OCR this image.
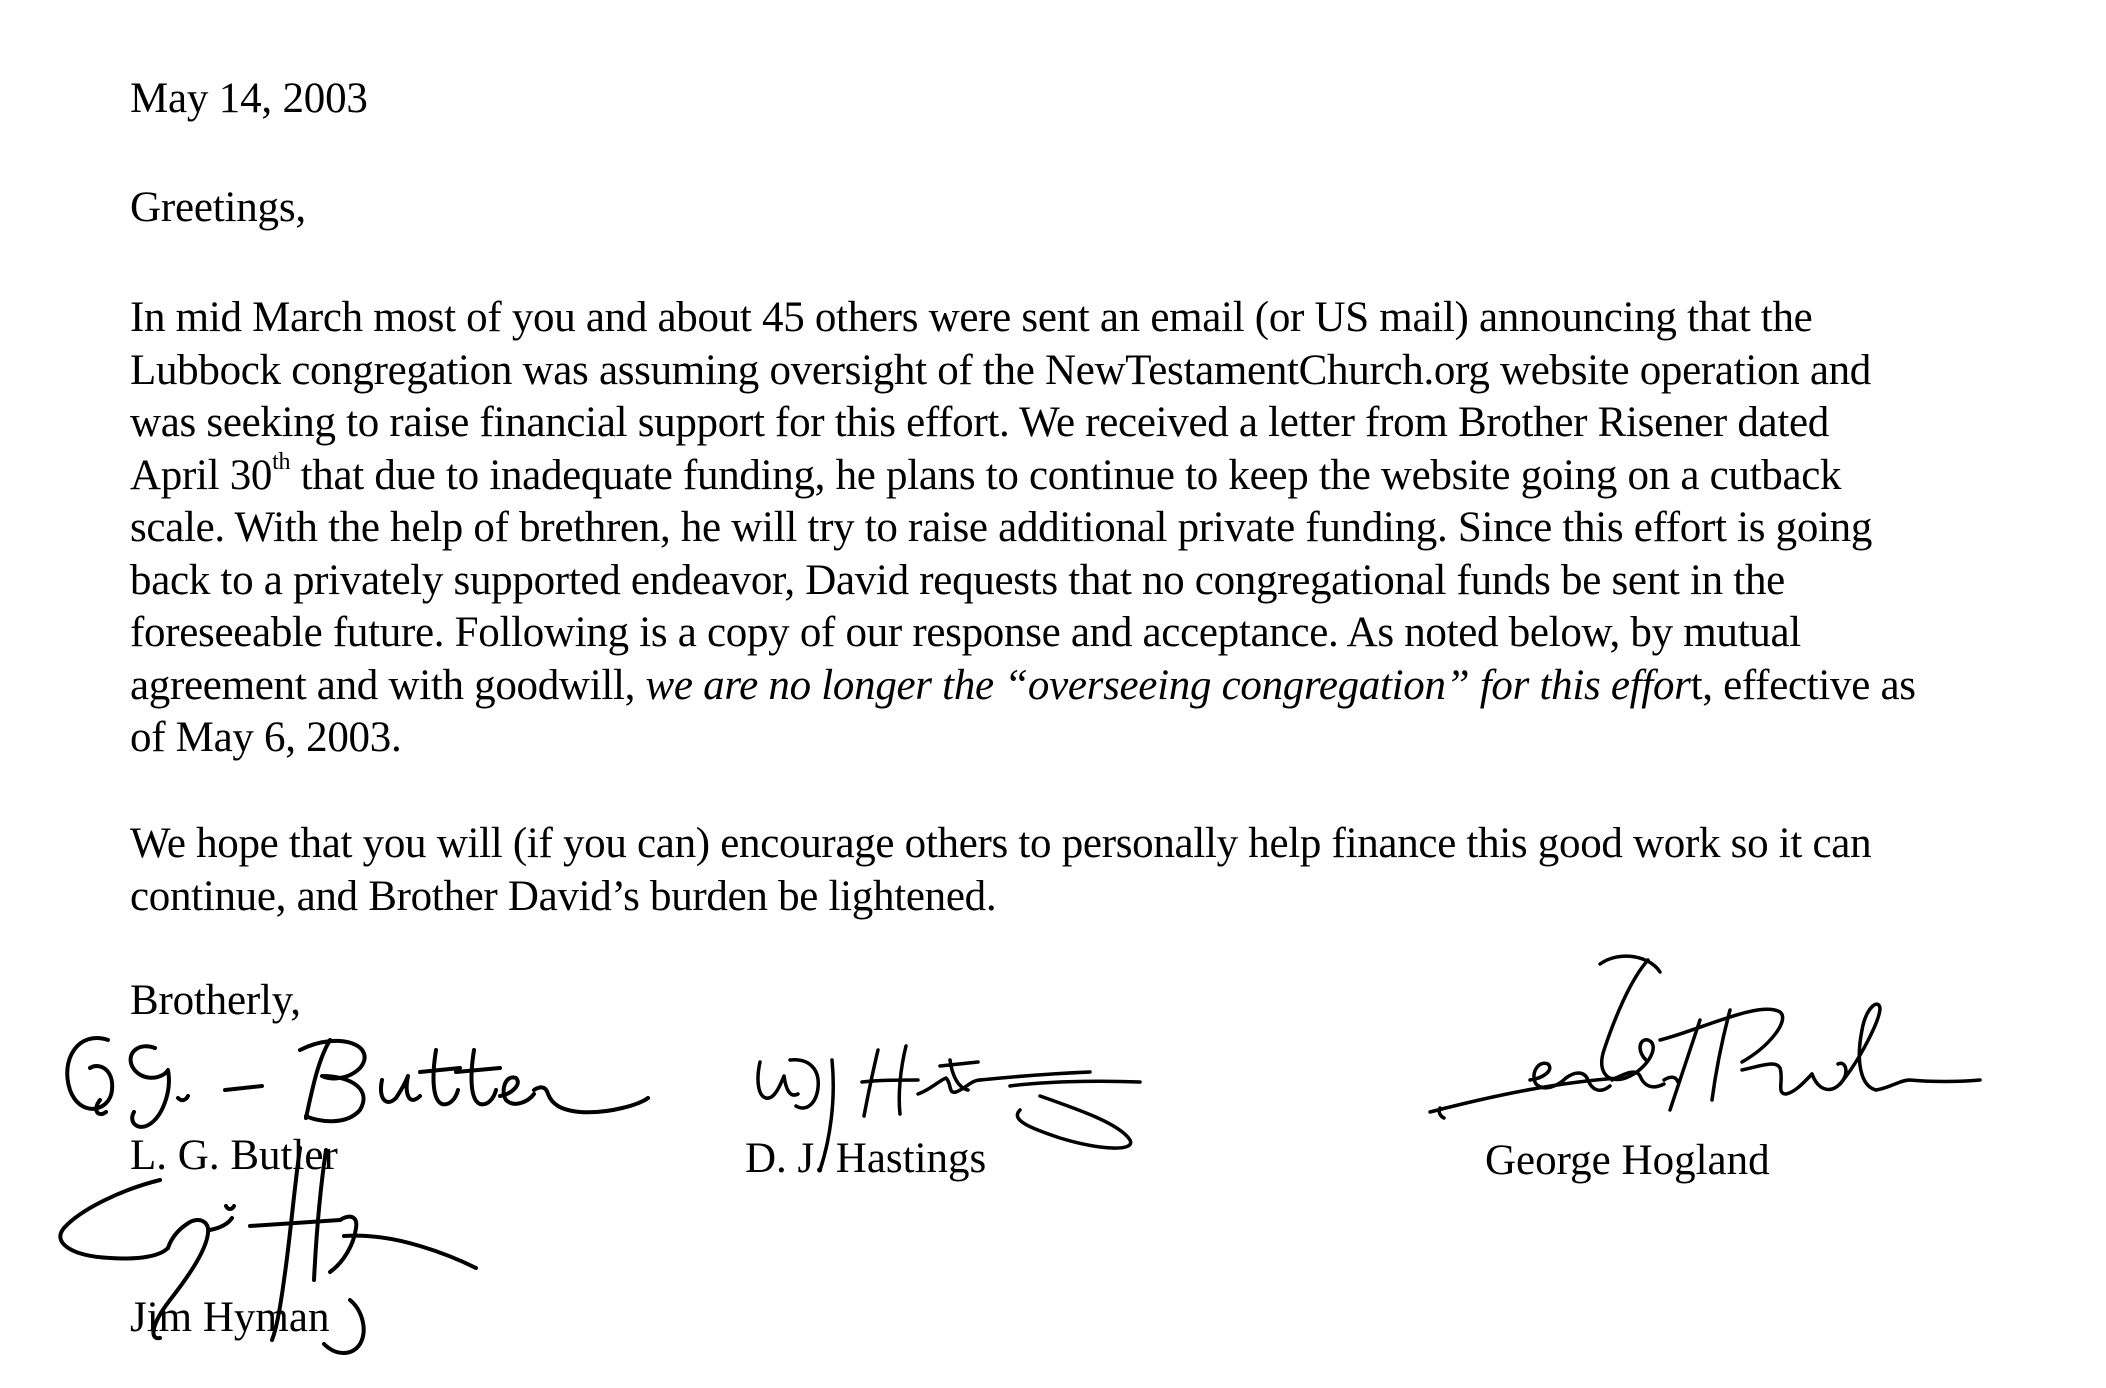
May 14, 2003
Greetings,
In mid March most of you and about 45 others were sent an email (or US mail) announcing that the
Lubbock congregation was assuming oversight of the NewTestamentChurch.org website operation and
was seeking to raise financial support for this effort. We received a letter from Brother Risener dated
April 30th that due to inadequate funding, he plans to continue to keep the website going on a cutback
scale. With the help of brethren, he will try to raise additional private funding. Since this effort is going
back to a privately supported endeavor, David requests that no congregational funds be sent in the
foreseeable future. Following is a copy of our response and acceptance. As noted below, by mutual
agreement and with goodwill, we are no longer the “overseeing congregation” for this effort, effective as
of May 6, 2003.
We hope that you will (if you can) encourage others to personally help finance this good work so it can
continue, and Brother David’s burden be lightened.
Brotherly,
L. G. Butler	D. J. Hastings	George Hogland
Jim Hyman
